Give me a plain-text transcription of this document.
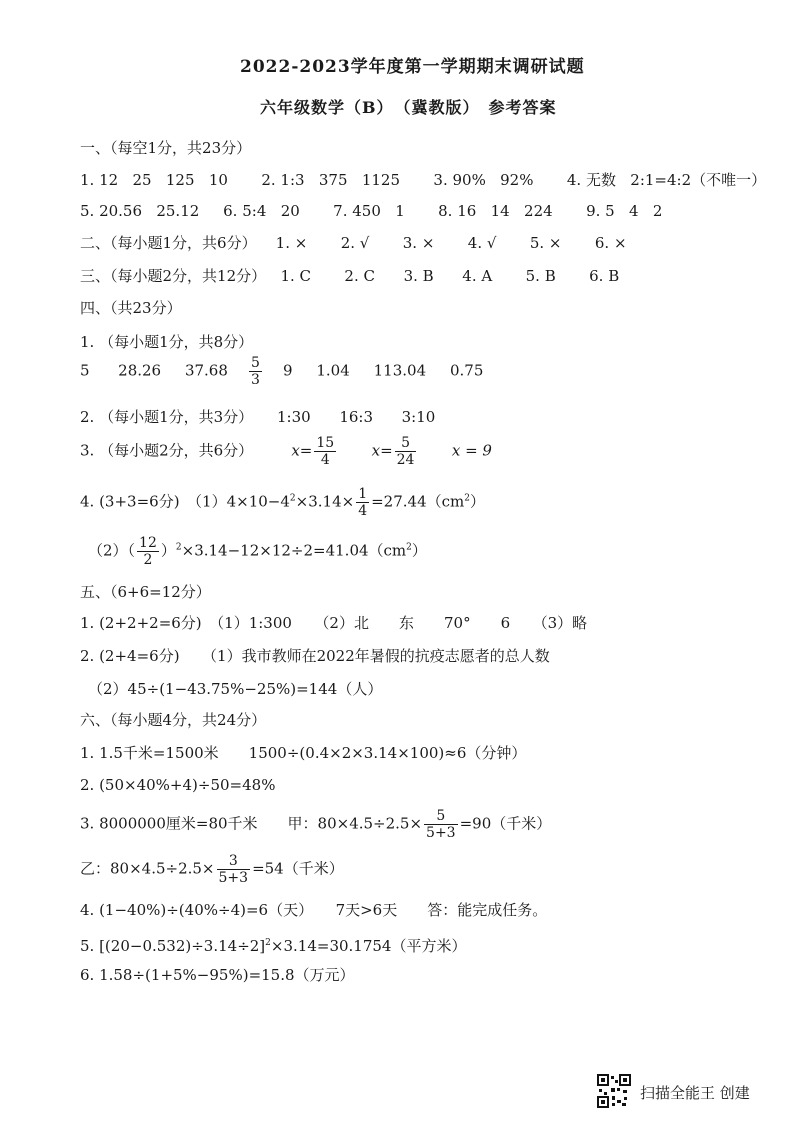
2022-2023学年度第一学期期末调研试题
六年级数学（B）　（冀教版）　参考答案
一、（每空1分，共23分）
1. 12 25 125 10 2. 1:3 375 1125 3. 90% 92% 4. 无数 2:1=4:2（不唯一）
5. 20.56 25.12 6. 5:4 20 7. 450 1 8. 16 14 224 9. 5 4 2
二、（每小题1分，共6分） 1. × 2. √ 3. × 4. √ 5. × 6. ×
三、（每小题2分，共12分） 1. C 2. C 3. B 4. A 5. B 6. B
四、（共23分）
1. （每小题1分，共8分）
5 28.26 $37.68 \frac{5}{3} 9$ 1.04 113.04 0.75
2. （每小题1分，共3分） 1:30 16:3 3:10
3. （每小题2分，共6分）	$x= \frac{15}{4} x= \frac{5}{24}$ x = 9
4. (3+3=6分)　$(1)4\times 10-4^2\times 3.14\times \frac{1}{4} =27.44(cm^2)$
$(2)( \frac{12}{2} )^2\times 3.14-12\times 12\div 2=41.04(cm^2)$
五、（6+6=12分）
1. (2+2+2=6分)　（1）1:300　　（2）北　　东　　70°　　6　　（3）略
2. (2+4=6分)　　（1）我市教师在2022年暑假的抗疫志愿者的总人数
（2）45÷(1−43.75%−25%)=144（人）
六、（每小题4分，共24分）
1. 1.5千米=1500米　　1500÷(0.4×2×3.14×100)≈6（分钟）
2. (50×40%+4)÷50=48%
3. 8000000厘米=80千米　　甲：$80\times 4.5\div 2.5\times \frac{5}{5+3} =90$（千米）
乙：$80\times 4.5\div 2.5\times \frac{3}{5+3} =54$（千米）
4. (1−40%)÷(40%÷4)=6（天）　　7天>6天　　答：能完成任务。
5. $[(20-0.532)\div 3.14\div 2]^2\times 3.14=30.1754$（平方米）
6. 1.58÷(1+5%−95%)=15.8（万元）
扫描全能王 创建
